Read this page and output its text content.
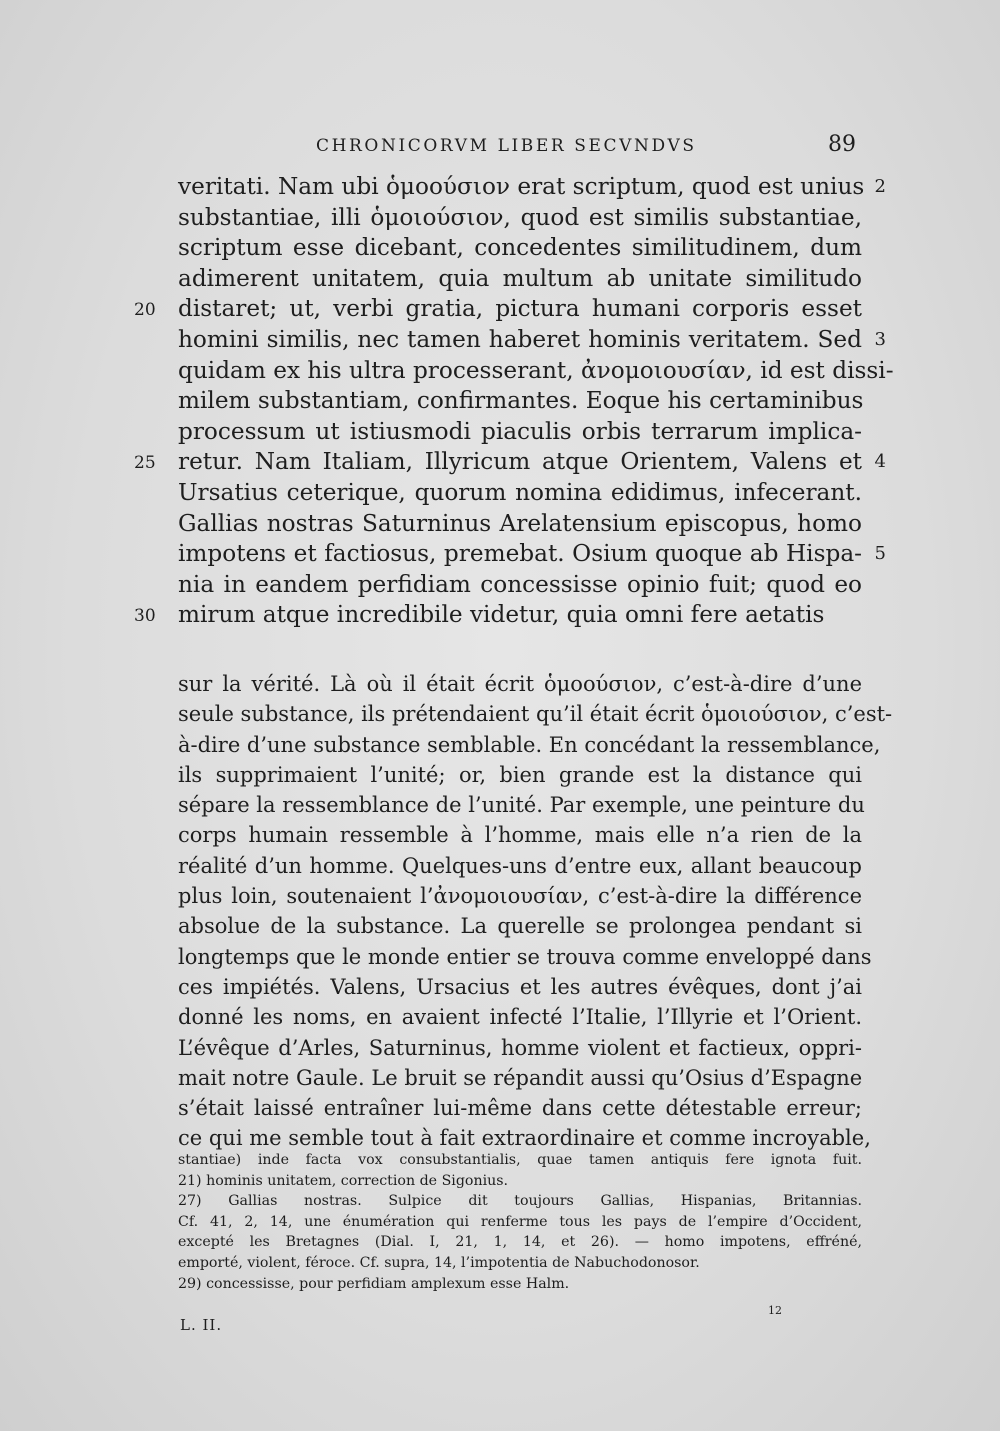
CHRONICORVM LIBER SECVNDVS	89
veritati. Nam ubi ὁμοούσιον erat scriptum, quod est unius 2
substantiae, illi ὁμοιούσιον, quod est similis substantiae,
scriptum esse dicebant, concedentes similitudinem, dum
adimerent unitatem, quia multum ab unitate similitudo
distaret; ut, verbi gratia, pictura humani corporis esset
20
homini similis, nec tamen haberet hominis veritatem. Sed 3
quidam ex his ultra processerant, ἀνομοιουσίαν, id est dissi-
milem substantiam, confirmantes. Eoque his certaminibus
processum ut istiusmodi piaculis orbis terrarum implica-
retur. Nam Italiam, Illyricum atque Orientem, Valens et
25	4
Ursatius ceterique, quorum nomina edidimus, infecerant.
Gallias nostras Saturninus Arelatensium episcopus, homo
impotens et factiosus, premebat. Osium quoque ab Hispa- 5
nia in eandem perfidiam concessisse opinio fuit; quod eo
mirum atque incredibile videtur, quia omni fere aetatis
30
sur la vérité. Là où il était écrit ὁμοούσιον, c’est-à-dire d’une
seule substance, ils prétendaient qu’il était écrit ὁμοιούσιον, c’est-
à-dire d’une substance semblable. En concédant la ressemblance,
ils supprimaient l’unité; or, bien grande est la distance qui
sépare la ressemblance de l’unité. Par exemple, une peinture du
corps humain ressemble à l’homme, mais elle n’a rien de la
réalité d’un homme. Quelques-uns d’entre eux, allant beaucoup
plus loin, soutenaient l’ἀνομοιουσίαν, c’est-à-dire la différence
absolue de la substance. La querelle se prolongea pendant si
longtemps que le monde entier se trouva comme enveloppé dans
ces impiétés. Valens, Ursacius et les autres évêques, dont j’ai
donné les noms, en avaient infecté l’Italie, l’Illyrie et l’Orient.
L’évêque d’Arles, Saturninus, homme violent et factieux, oppri-
mait notre Gaule. Le bruit se répandit aussi qu’Osius d’Espagne
s’était laissé entraîner lui-même dans cette détestable erreur;
ce qui me semble tout à fait extraordinaire et comme incroyable,
stantiae) inde facta vox consubstantialis, quae tamen antiquis fere ignota fuit.
21) hominis unitatem, correction de Sigonius.
27) Gallias nostras. Sulpice dit toujours Gallias, Hispanias, Britannias.
Cf. 41, 2, 14, une énumération qui renferme tous les pays de l’empire d’Occident,
excepté les Bretagnes (Dial. I, 21, 1, 14, et 26). — homo impotens, effréné,
emporté, violent, féroce. Cf. supra, 14, l’impotentia de Nabuchodonosor.
29) concessisse, pour perfidiam amplexum esse Halm.
L. II.
12
